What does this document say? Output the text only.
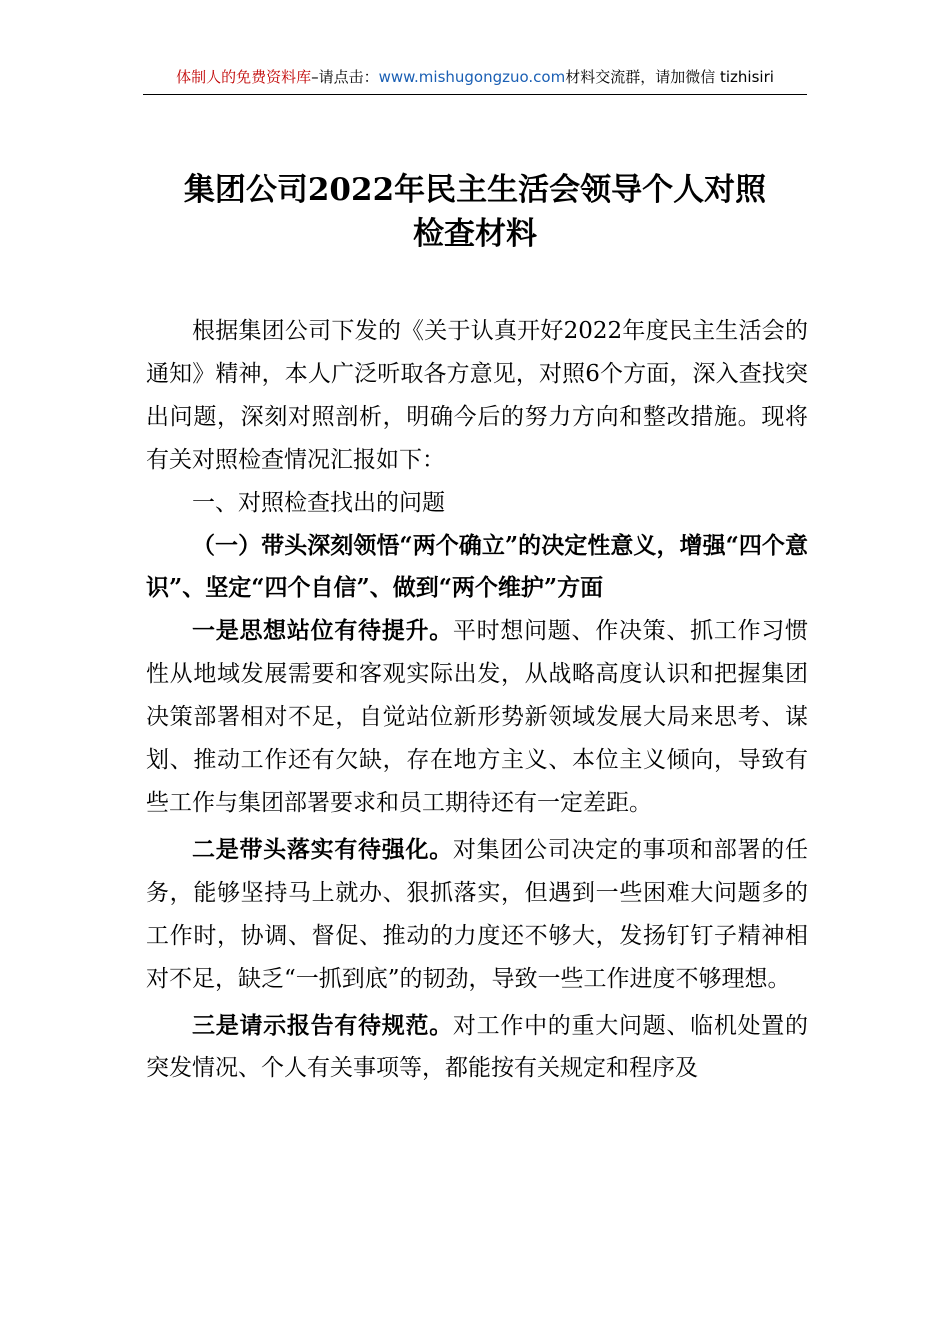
体制人的免费资料库–请点击：www.mishugongzuo.com材料交流群，请加微信 tizhisiri
集团公司2022年民主生活会领导个人对照
检查材料

根据集团公司下发的《关于认真开好2022年度民主生活会的通知》精神，本人广泛听取各方意见，对照6个方面，深入查找突出问题，深刻对照剖析，明确今后的努力方向和整改措施。现将有关对照检查情况汇报如下：

一、对照检查找出的问题

（一）带头深刻领悟“两个确立”的决定性意义，增强“四个意识”、坚定“四个自信”、做到“两个维护”方面

一是思想站位有待提升。平时想问题、作决策、抓工作习惯性从地域发展需要和客观实际出发，从战略高度认识和把握集团决策部署相对不足，自觉站位新形势新领域发展大局来思考、谋划、推动工作还有欠缺，存在地方主义、本位主义倾向，导致有些工作与集团部署要求和员工期待还有一定差距。

二是带头落实有待强化。对集团公司决定的事项和部署的任务，能够坚持马上就办、狠抓落实，但遇到一些困难大问题多的工作时，协调、督促、推动的力度还不够大，发扬钉钉子精神相对不足，缺乏“一抓到底”的韧劲，导致一些工作进度不够理想。

三是请示报告有待规范。对工作中的重大问题、临机处置的突发情况、个人有关事项等，都能按有关规定和程序及
